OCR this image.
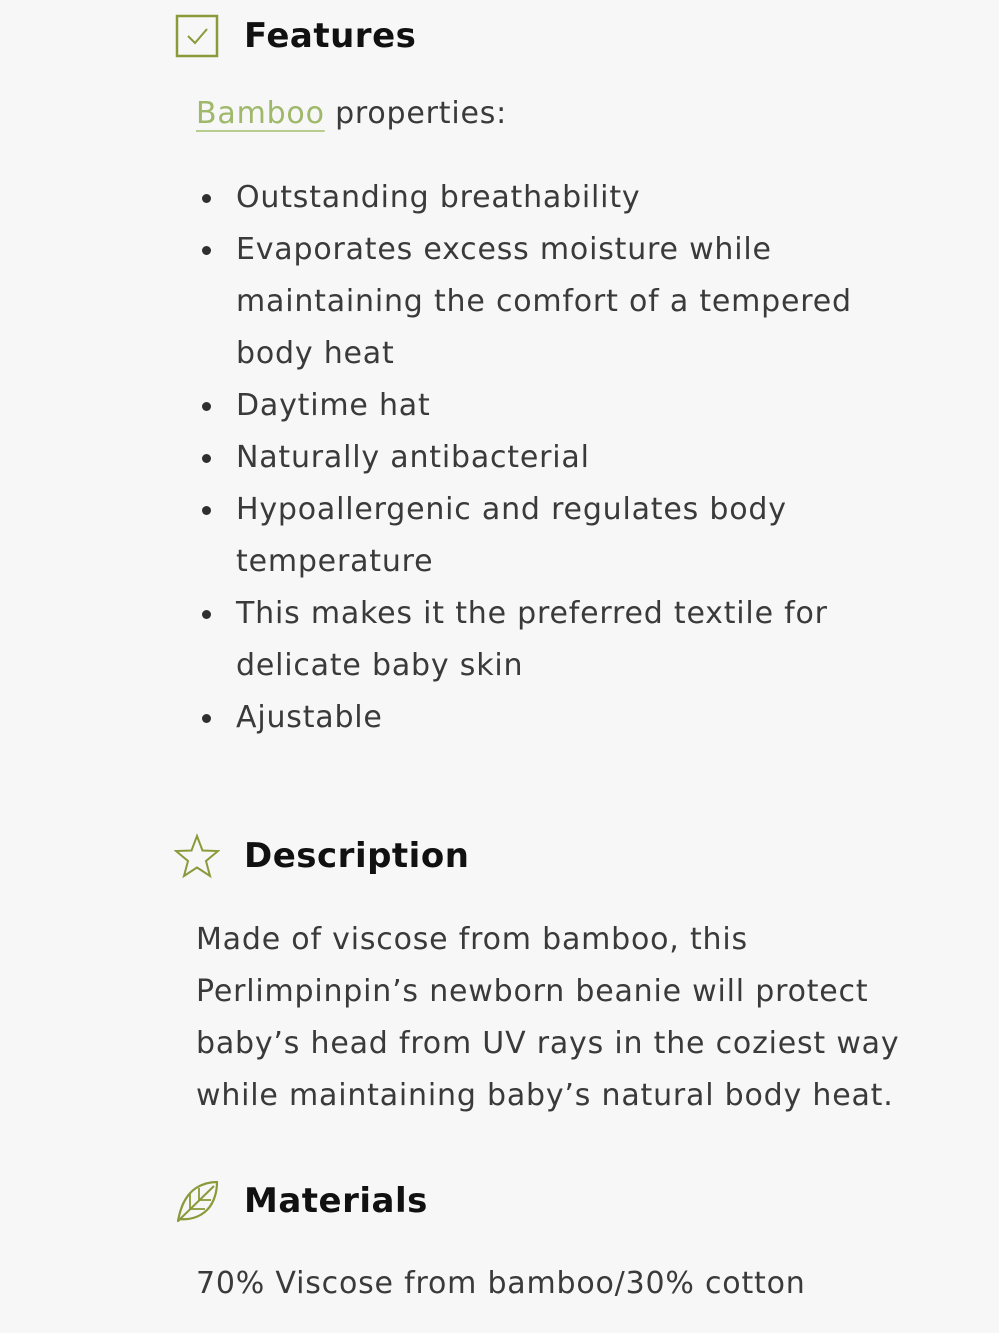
Features
Bamboo properties:
Outstanding breathability
Evaporates excess moisture while maintaining the comfort of a tempered body heat
Daytime hat
Naturally antibacterial
Hypoallergenic and regulates body temperature
This makes it the preferred textile for delicate baby skin
Ajustable
Description

Made of viscose from bamboo, this Perlimpinpin’s newborn beanie will protect baby’s head from UV rays in the coziest way while maintaining baby’s natural body heat.

Materials

70% Viscose from bamboo/30% cotton
